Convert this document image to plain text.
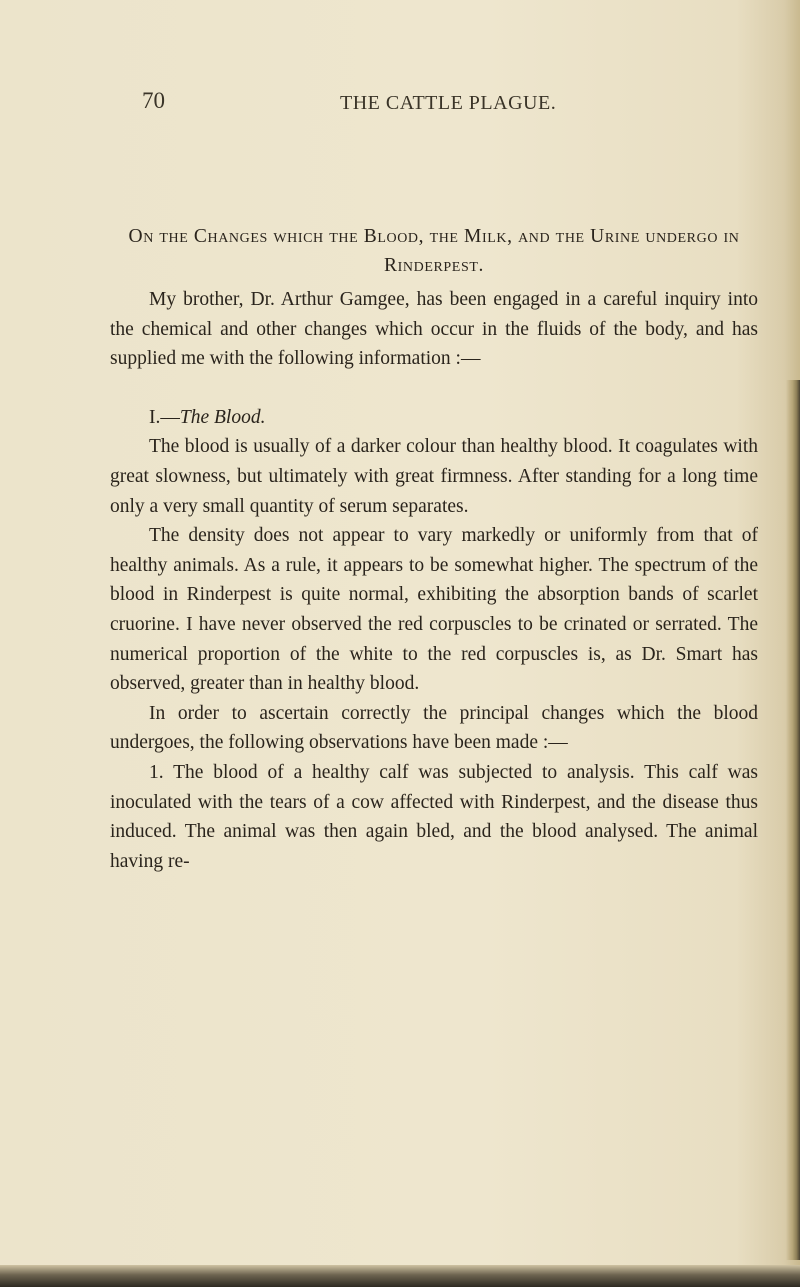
70	THE CATTLE PLAGUE.

On the Changes which the Blood, the Milk, and the Urine undergo in Rinderpest.

My brother, Dr. Arthur Gamgee, has been engaged in a careful inquiry into the chemical and other changes which occur in the fluids of the body, and has supplied me with the following information :—

I.—The Blood.

The blood is usually of a darker colour than healthy blood. It coagulates with great slowness, but ultimately with great firmness. After standing for a long time only a very small quantity of serum separates.

The density does not appear to vary markedly or uniformly from that of healthy animals. As a rule, it appears to be somewhat higher. The spectrum of the blood in Rinderpest is quite normal, exhibiting the absorption bands of scarlet cruorine. I have never observed the red corpuscles to be crinated or serrated. The numerical proportion of the white to the red corpuscles is, as Dr. Smart has observed, greater than in healthy blood.

In order to ascertain correctly the principal changes which the blood undergoes, the following observations have been made :—

1. The blood of a healthy calf was subjected to analysis. This calf was inoculated with the tears of a cow affected with Rinderpest, and the disease thus induced. The animal was then again bled, and the blood analysed. The animal having re-
